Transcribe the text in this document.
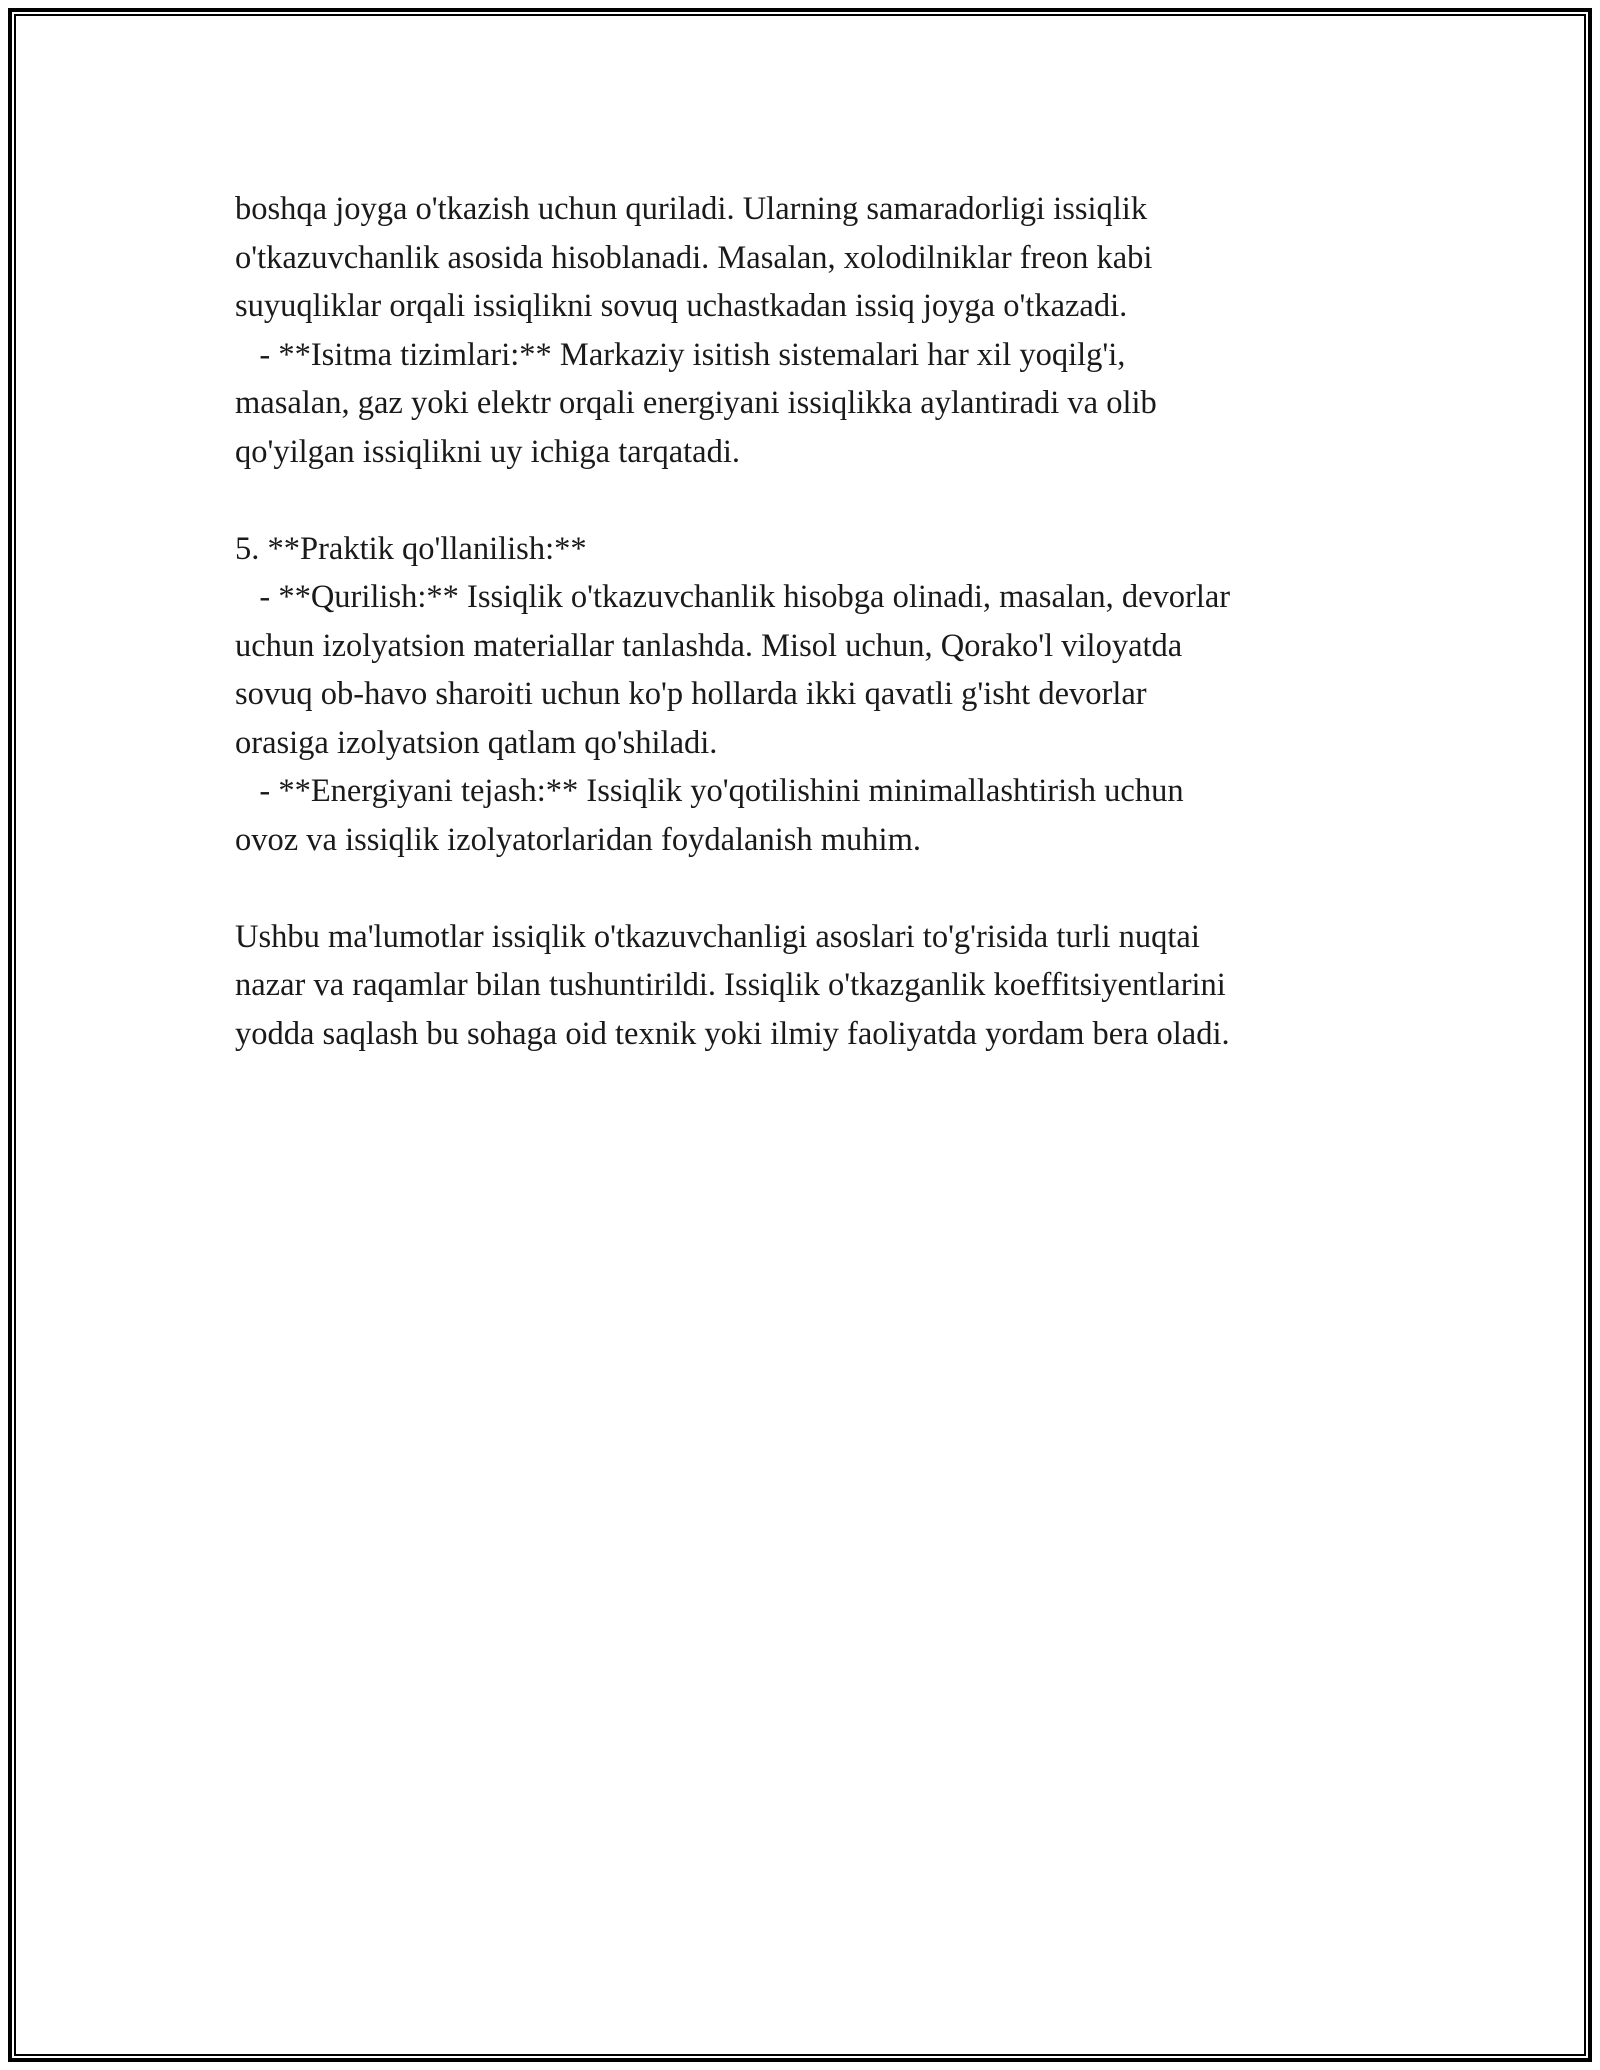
boshqa joyga o'tkazish uchun quriladi. Ularning samaradorligi issiqlik
o'tkazuvchanlik asosida hisoblanadi. Masalan, xolodilniklar freon kabi
suyuqliklar orqali issiqlikni sovuq uchastkadan issiq joyga o'tkazadi.
- **Isitma tizimlari:** Markaziy isitish sistemalari har xil yoqilg'i,
masalan, gaz yoki elektr orqali energiyani issiqlikka aylantiradi va olib
qo'yilgan issiqlikni uy ichiga tarqatadi.
5. **Praktik qo'llanilish:**
- **Qurilish:** Issiqlik o'tkazuvchanlik hisobga olinadi, masalan, devorlar
uchun izolyatsion materiallar tanlashda. Misol uchun, Qorako'l viloyatda
sovuq ob-havo sharoiti uchun ko'p hollarda ikki qavatli g'isht devorlar
orasiga izolyatsion qatlam qo'shiladi.
- **Energiyani tejash:** Issiqlik yo'qotilishini minimallashtirish uchun
ovoz va issiqlik izolyatorlaridan foydalanish muhim.
Ushbu ma'lumotlar issiqlik o'tkazuvchanligi asoslari to'g'risida turli nuqtai
nazar va raqamlar bilan tushuntirildi. Issiqlik o'tkazganlik koeffitsiyentlarini
yodda saqlash bu sohaga oid texnik yoki ilmiy faoliyatda yordam bera oladi.
